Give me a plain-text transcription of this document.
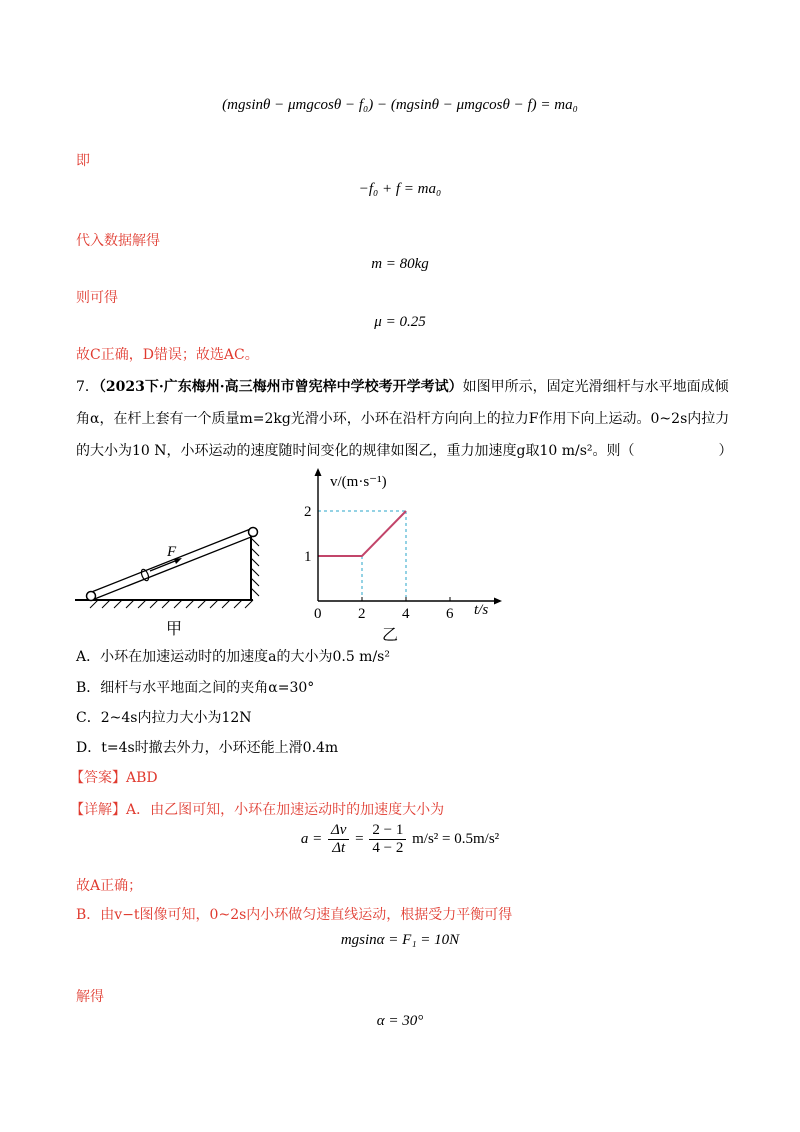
(mgsinθ − μmgcosθ − f₀) − (mgsinθ − μmgcosθ − f) = ma₀
即
−f₀ + f = ma₀
代入数据解得
m = 80kg
则可得
μ = 0.25
故C正确，D错误；故选AC。
7．（2023下·广东梅州·高三梅州市曾宪梓中学校考开学考试）如图甲所示，固定光滑细杆与水平地面成倾
角α，在杆上套有一个质量m=2kg光滑小环，小环在沿杆方向向上的拉力F作用下向上运动。0~2s内拉力
的大小为10 N，小环运动的速度随时间变化的规律如图乙，重力加速度g取10 m/s²。则（　　　　　　）
F
甲
0 2 4 6
1
2
v/(m·s⁻¹)
t/s
乙
A．小环在加速运动时的加速度a的大小为0.5 m/s²
B．细杆与水平地面之间的夹角α=30°
C．2~4s内拉力大小为12N
D．t=4s时撤去外力，小环还能上滑0.4m
【答案】ABD
【详解】A．由乙图可知，小环在加速运动时的加速度大小为
$a = \frac{\Delta v}{\Delta t} = \frac{2 - 1}{4 - 2} m/s^2 = 0.5m/s^2$
故A正确；
B．由v−t图像可知，0~2s内小环做匀速直线运动，根据受力平衡可得
mgsinα = F₁ = 10N
解得
α = 30°
